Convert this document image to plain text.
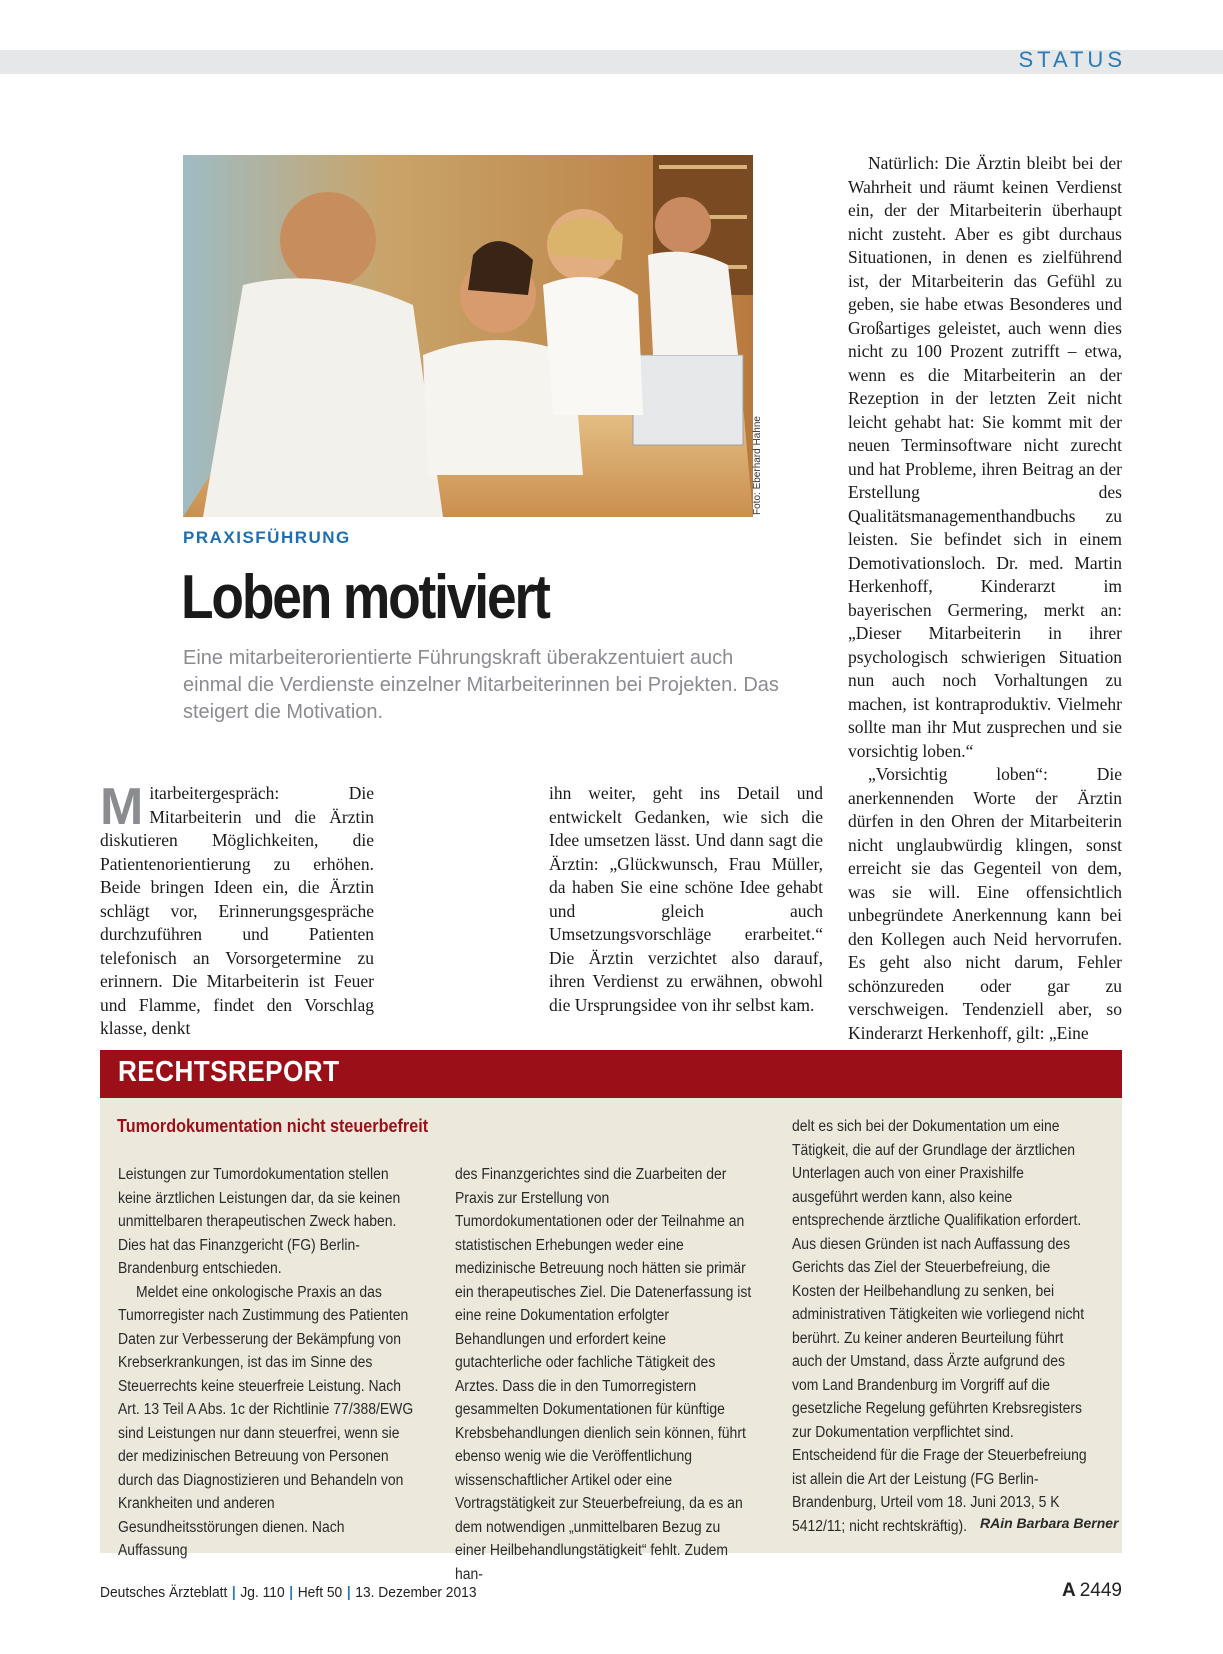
STATUS
Foto: Eberhard Hahne
PRAXISFÜHRUNG
Loben motiviert
Eine mitarbeiterorientierte Führungskraft überakzentuiert auch einmal die Verdienste einzelner Mitarbeiterinnen bei Projekten. Das steigert die Motivation.

Mitarbeitergespräch: Die Mitarbeiterin und die Ärztin diskutieren Möglichkeiten, die Patientenorientierung zu erhöhen. Beide bringen Ideen ein, die Ärztin schlägt vor, Erinnerungsgespräche durchzuführen und Patienten telefonisch an Vorsorgetermine zu erinnern. Die Mitarbeiterin ist Feuer und Flamme, findet den Vorschlag klasse, denkt

ihn weiter, geht ins Detail und entwickelt Gedanken, wie sich die Idee umsetzen lässt. Und dann sagt die Ärztin: „Glückwunsch, Frau Müller, da haben Sie eine schöne Idee gehabt und gleich auch Umsetzungsvorschläge erarbeitet.“ Die Ärztin verzichtet also darauf, ihren Verdienst zu erwähnen, obwohl die Ursprungsidee von ihr selbst kam.

Natürlich: Die Ärztin bleibt bei der Wahrheit und räumt keinen Verdienst ein, der der Mitarbeiterin überhaupt nicht zusteht. Aber es gibt durchaus Situationen, in denen es zielführend ist, der Mitarbeiterin das Gefühl zu geben, sie habe etwas Besonderes und Großartiges geleistet, auch wenn dies nicht zu 100 Prozent zutrifft – etwa, wenn es die Mitarbeiterin an der Rezeption in der letzten Zeit nicht leicht gehabt hat: Sie kommt mit der neuen Terminsoftware nicht zurecht und hat Probleme, ihren Beitrag an der Erstellung des Qualitätsmanagementhandbuchs zu leisten. Sie befindet sich in einem Demotivationsloch. Dr. med. Martin Herkenhoff, Kinderarzt im bayerischen Germering, merkt an: „Dieser Mitarbeiterin in ihrer psychologisch schwierigen Situation nun auch noch Vorhaltungen zu machen, ist kontraproduktiv. Vielmehr sollte man ihr Mut zusprechen und sie vorsichtig loben.“

„Vorsichtig loben“: Die anerkennenden Worte der Ärztin dürfen in den Ohren der Mitarbeiterin nicht unglaubwürdig klingen, sonst erreicht sie das Gegenteil von dem, was sie will. Eine offensichtlich unbegründete Anerkennung kann bei den Kollegen auch Neid hervorrufen. Es geht also nicht darum, Fehler schönzureden oder gar zu verschweigen. Tendenziell aber, so Kinderarzt Herkenhoff, gilt: „Eine

RECHTSREPORT
Tumordokumentation nicht steuerbefreit

Leistungen zur Tumordokumentation stellen keine ärztlichen Leistungen dar, da sie keinen unmittelbaren therapeutischen Zweck haben. Dies hat das Finanzgericht (FG) Berlin-Brandenburg entschieden.

Meldet eine onkologische Praxis an das Tumorregister nach Zustimmung des Patienten Daten zur Verbesserung der Bekämpfung von Krebserkrankungen, ist das im Sinne des Steuerrechts keine steuerfreie Leistung. Nach Art. 13 Teil A Abs. 1c der Richtlinie 77/388/EWG sind Leistungen nur dann steuerfrei, wenn sie der medizinischen Betreuung von Personen durch das Diagnostizieren und Behandeln von Krankheiten und anderen Gesundheitsstörungen dienen. Nach Auffassung

des Finanzgerichtes sind die Zuarbeiten der Praxis zur Erstellung von Tumordokumentationen oder der Teilnahme an statistischen Erhebungen weder eine medizinische Betreuung noch hätten sie primär ein therapeutisches Ziel. Die Datenerfassung ist eine reine Dokumentation erfolgter Behandlungen und erfordert keine gutachterliche oder fachliche Tätigkeit des Arztes. Dass die in den Tumorregistern gesammelten Dokumentationen für künftige Krebsbehandlungen dienlich sein können, führt ebenso wenig wie die Veröffentlichung wissenschaftlicher Artikel oder eine Vortragstätigkeit zur Steuerbefreiung, da es an dem notwendigen „unmittelbaren Bezug zu einer Heilbehandlungstätigkeit“ fehlt. Zudem han-

delt es sich bei der Dokumentation um eine Tätigkeit, die auf der Grundlage der ärztlichen Unterlagen auch von einer Praxishilfe ausgeführt werden kann, also keine entsprechende ärztliche Qualifikation erfordert. Aus diesen Gründen ist nach Auffassung des Gerichts das Ziel der Steuerbefreiung, die Kosten der Heilbehandlung zu senken, bei administrativen Tätigkeiten wie vorliegend nicht berührt. Zu keiner anderen Beurteilung führt auch der Umstand, dass Ärzte aufgrund des vom Land Brandenburg im Vorgriff auf die gesetzliche Regelung geführten Krebsregisters zur Dokumentation verpflichtet sind. Entscheidend für die Frage der Steuerbefreiung ist allein die Art der Leistung (FG Berlin-Brandenburg, Urteil vom 18. Juni 2013, 5 K 5412/11; nicht rechtskräftig). RAin Barbara Berner
Deutsches Ärzteblatt | Jg. 110 | Heft 50 | 13. Dezember 2013	A 2449
